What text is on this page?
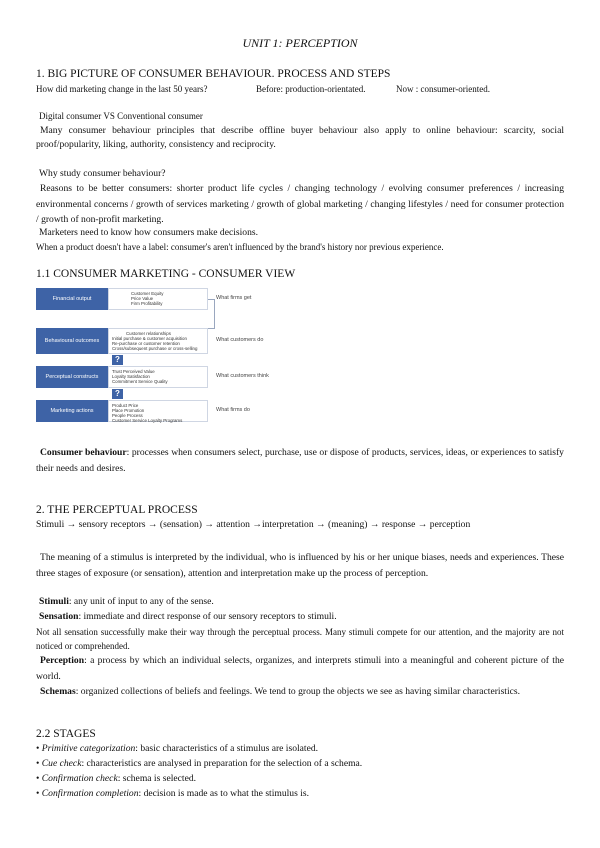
UNIT 1: PERCEPTION
1. BIG PICTURE OF CONSUMER BEHAVIOUR. PROCESS AND STEPS
How did marketing change in the last 50 years?	Before: production-orientated.	Now : consumer-oriented.
Digital consumer VS Conventional consumer
Many consumer behaviour principles that describe offline buyer behaviour also apply to online behaviour: scarcity, social proof/popularity, liking, authority, consistency and reciprocity.
Why study consumer behaviour?
Reasons to be better consumers: shorter product life cycles / changing technology / evolving consumer preferences / increasing environmental concerns / growth of services marketing / growth of global marketing / changing lifestyles / need for consumer protection / growth of non-profit marketing.
Marketers need to know how consumers make decisions.
When a product doesn't have a label: consumer's aren't influenced by the brand's history nor previous experience.
1.1 CONSUMER MARKETING - CONSUMER VIEW
Financial output
Customer Equity
Price Value
Firm Profitability
What firms get
Behavioural outcomes
Customer relationships
Initial purchase & customer acquisition
Re-purchase or customer retention
Cross/subsequent purchase or cross-selling
What customers do
?
Perceptual constructs
Trust Perceived Value
Loyalty Satisfaction
Commitment Service Quality
What customers think
?
Marketing actions
Product Price
Place Promotion
People Process
Customer Service Loyalty Programs
What firms do
Consumer behaviour: processes when consumers select, purchase, use or dispose of products, services, ideas, or experiences to satisfy their needs and desires.
2. THE PERCEPTUAL PROCESS
Stimuli → sensory receptors → (sensation) → attention →interpretation → (meaning) → response → perception
The meaning of a stimulus is interpreted by the individual, who is influenced by his or her unique biases, needs and experiences. These three stages of exposure (or sensation), attention and interpretation make up the process of perception.
Stimuli: any unit of input to any of the sense.
Sensation: immediate and direct response of our sensory receptors to stimuli.
Not all sensation successfully make their way through the perceptual process. Many stimuli compete for our attention, and the majority are not noticed or comprehended.
Perception: a process by which an individual selects, organizes, and interprets stimuli into a meaningful and coherent picture of the world.
Schemas: organized collections of beliefs and feelings. We tend to group the objects we see as having similar characteristics.
2.2 STAGES
• Primitive categorization: basic characteristics of a stimulus are isolated.
• Cue check: characteristics are analysed in preparation for the selection of a schema.
• Confirmation check: schema is selected.
• Confirmation completion: decision is made as to what the stimulus is.
